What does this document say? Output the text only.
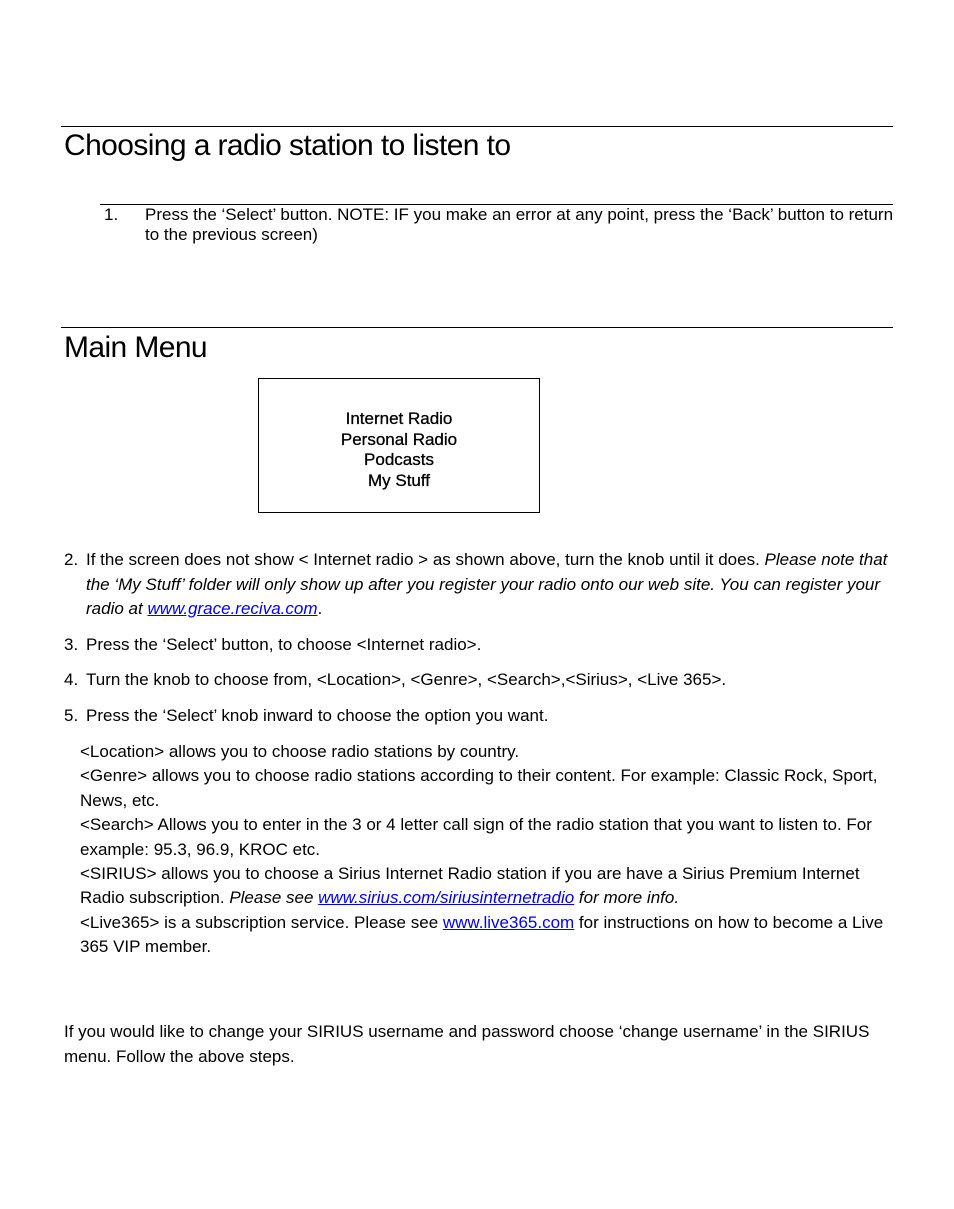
Choosing a radio station to listen to
1. Press the ‘Select’ button. NOTE: IF you make an error at any point, press the ‘Back’ button to return to the previous screen)
Main Menu
Internet Radio
Personal Radio
Podcasts
My Stuff
2. If the screen does not show < Internet radio > as shown above, turn the knob until it does. Please note that the ‘My Stuff’ folder will only show up after you register your radio onto our web site. You can register your radio at www.grace.reciva.com.
3. Press the ‘Select’ button, to choose <Internet radio>.
4. Turn the knob to choose from, <Location>, <Genre>, <Search>,<Sirius>, <Live 365>.
5. Press the ‘Select’ knob inward to choose the option you want.

<Location> allows you to choose radio stations by country.

<Genre> allows you to choose radio stations according to their content. For example: Classic Rock, Sport, News, etc.

<Search> Allows you to enter in the 3 or 4 letter call sign of the radio station that you want to listen to. For example: 95.3, 96.9, KROC etc.

<SIRIUS> allows you to choose a Sirius Internet Radio station if you are have a Sirius Premium Internet Radio subscription. Please see www.sirius.com/siriusinternetradio for more info.

<Live365> is a subscription service. Please see www.live365.com for instructions on how to become a Live 365 VIP member.

If you would like to change your SIRIUS username and password choose ‘change username’ in the SIRIUS menu. Follow the above steps.
